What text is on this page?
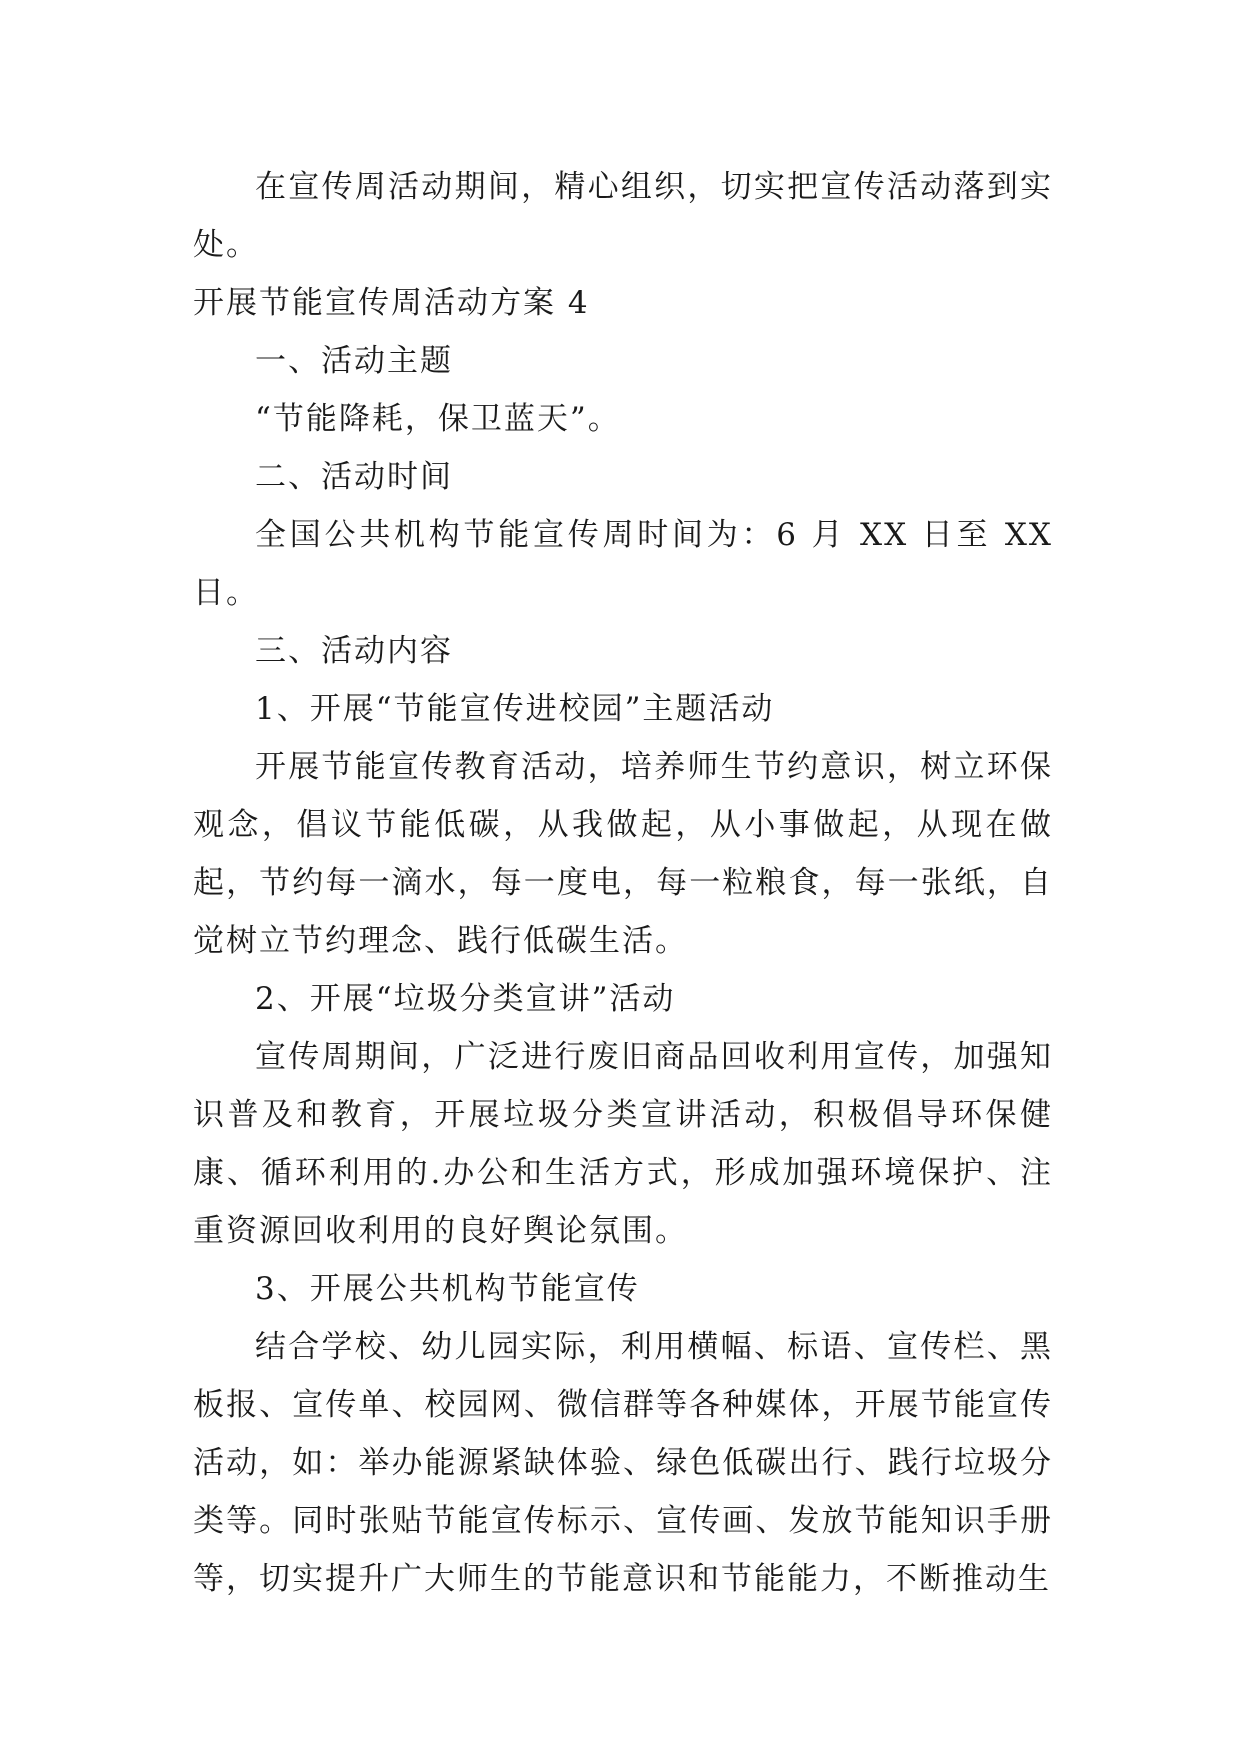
在宣传周活动期间，精心组织，切实把宣传活动落到实处。

开展节能宣传周活动方案 4

一、活动主题

“节能降耗，保卫蓝天”。

二、活动时间

全国公共机构节能宣传周时间为：6 月 XX 日至 XX 日。

三、活动内容

1、开展“节能宣传进校园”主题活动

开展节能宣传教育活动，培养师生节约意识，树立环保观念，倡议节能低碳，从我做起，从小事做起，从现在做起，节约每一滴水，每一度电，每一粒粮食，每一张纸，自觉树立节约理念、践行低碳生活。

2、开展“垃圾分类宣讲”活动

宣传周期间，广泛进行废旧商品回收利用宣传，加强知识普及和教育，开展垃圾分类宣讲活动，积极倡导环保健康、循环利用的.办公和生活方式，形成加强环境保护、注重资源回收利用的良好舆论氛围。

3、开展公共机构节能宣传

结合学校、幼儿园实际，利用横幅、标语、宣传栏、黑板报、宣传单、校园网、微信群等各种媒体，开展节能宣传活动，如：举办能源紧缺体验、绿色低碳出行、践行垃圾分类等。同时张贴节能宣传标示、宣传画、发放节能知识手册等，切实提升广大师生的节能意识和节能能力，不断推动生
